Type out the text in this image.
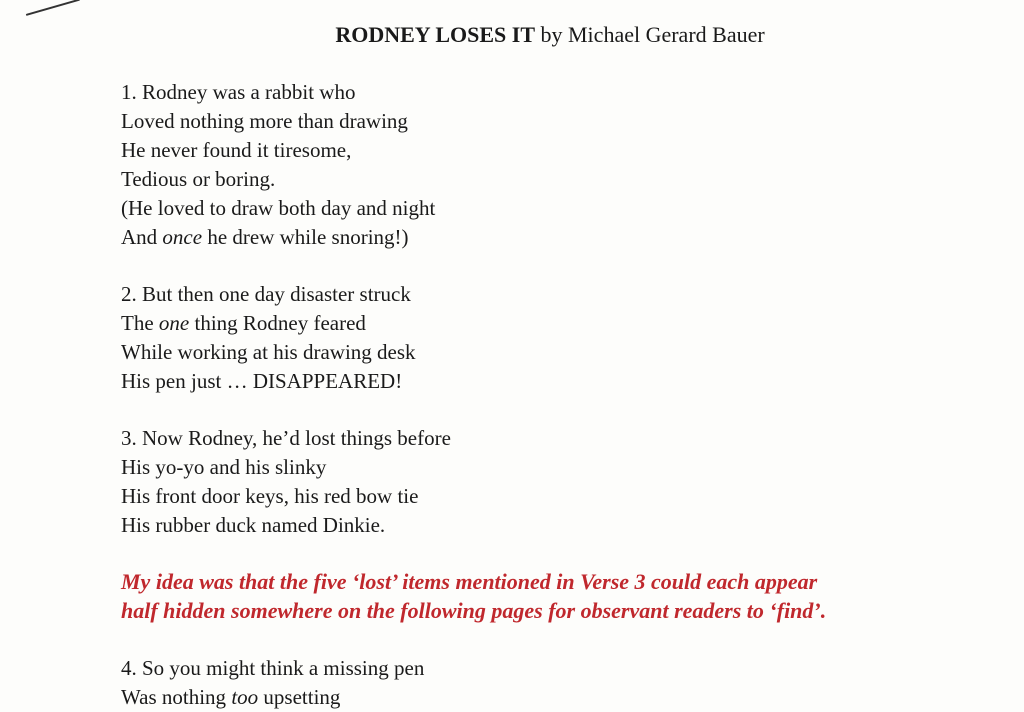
RODNEY LOSES IT by Michael Gerard Bauer
1. Rodney was a rabbit who
Loved nothing more than drawing
He never found it tiresome,
Tedious or boring.
(He loved to draw both day and night
And once he drew while snoring!)
2. But then one day disaster struck
The one thing Rodney feared
While working at his drawing desk
His pen just … DISAPPEARED!
3. Now Rodney, he’d lost things before
His yo-yo and his slinky
His front door keys, his red bow tie
His rubber duck named Dinkie.
My idea was that the five ‘lost’ items mentioned in Verse 3 could each appear
half hidden somewhere on the following pages for observant readers to ‘find’.
4. So you might think a missing pen
Was nothing too upsetting
